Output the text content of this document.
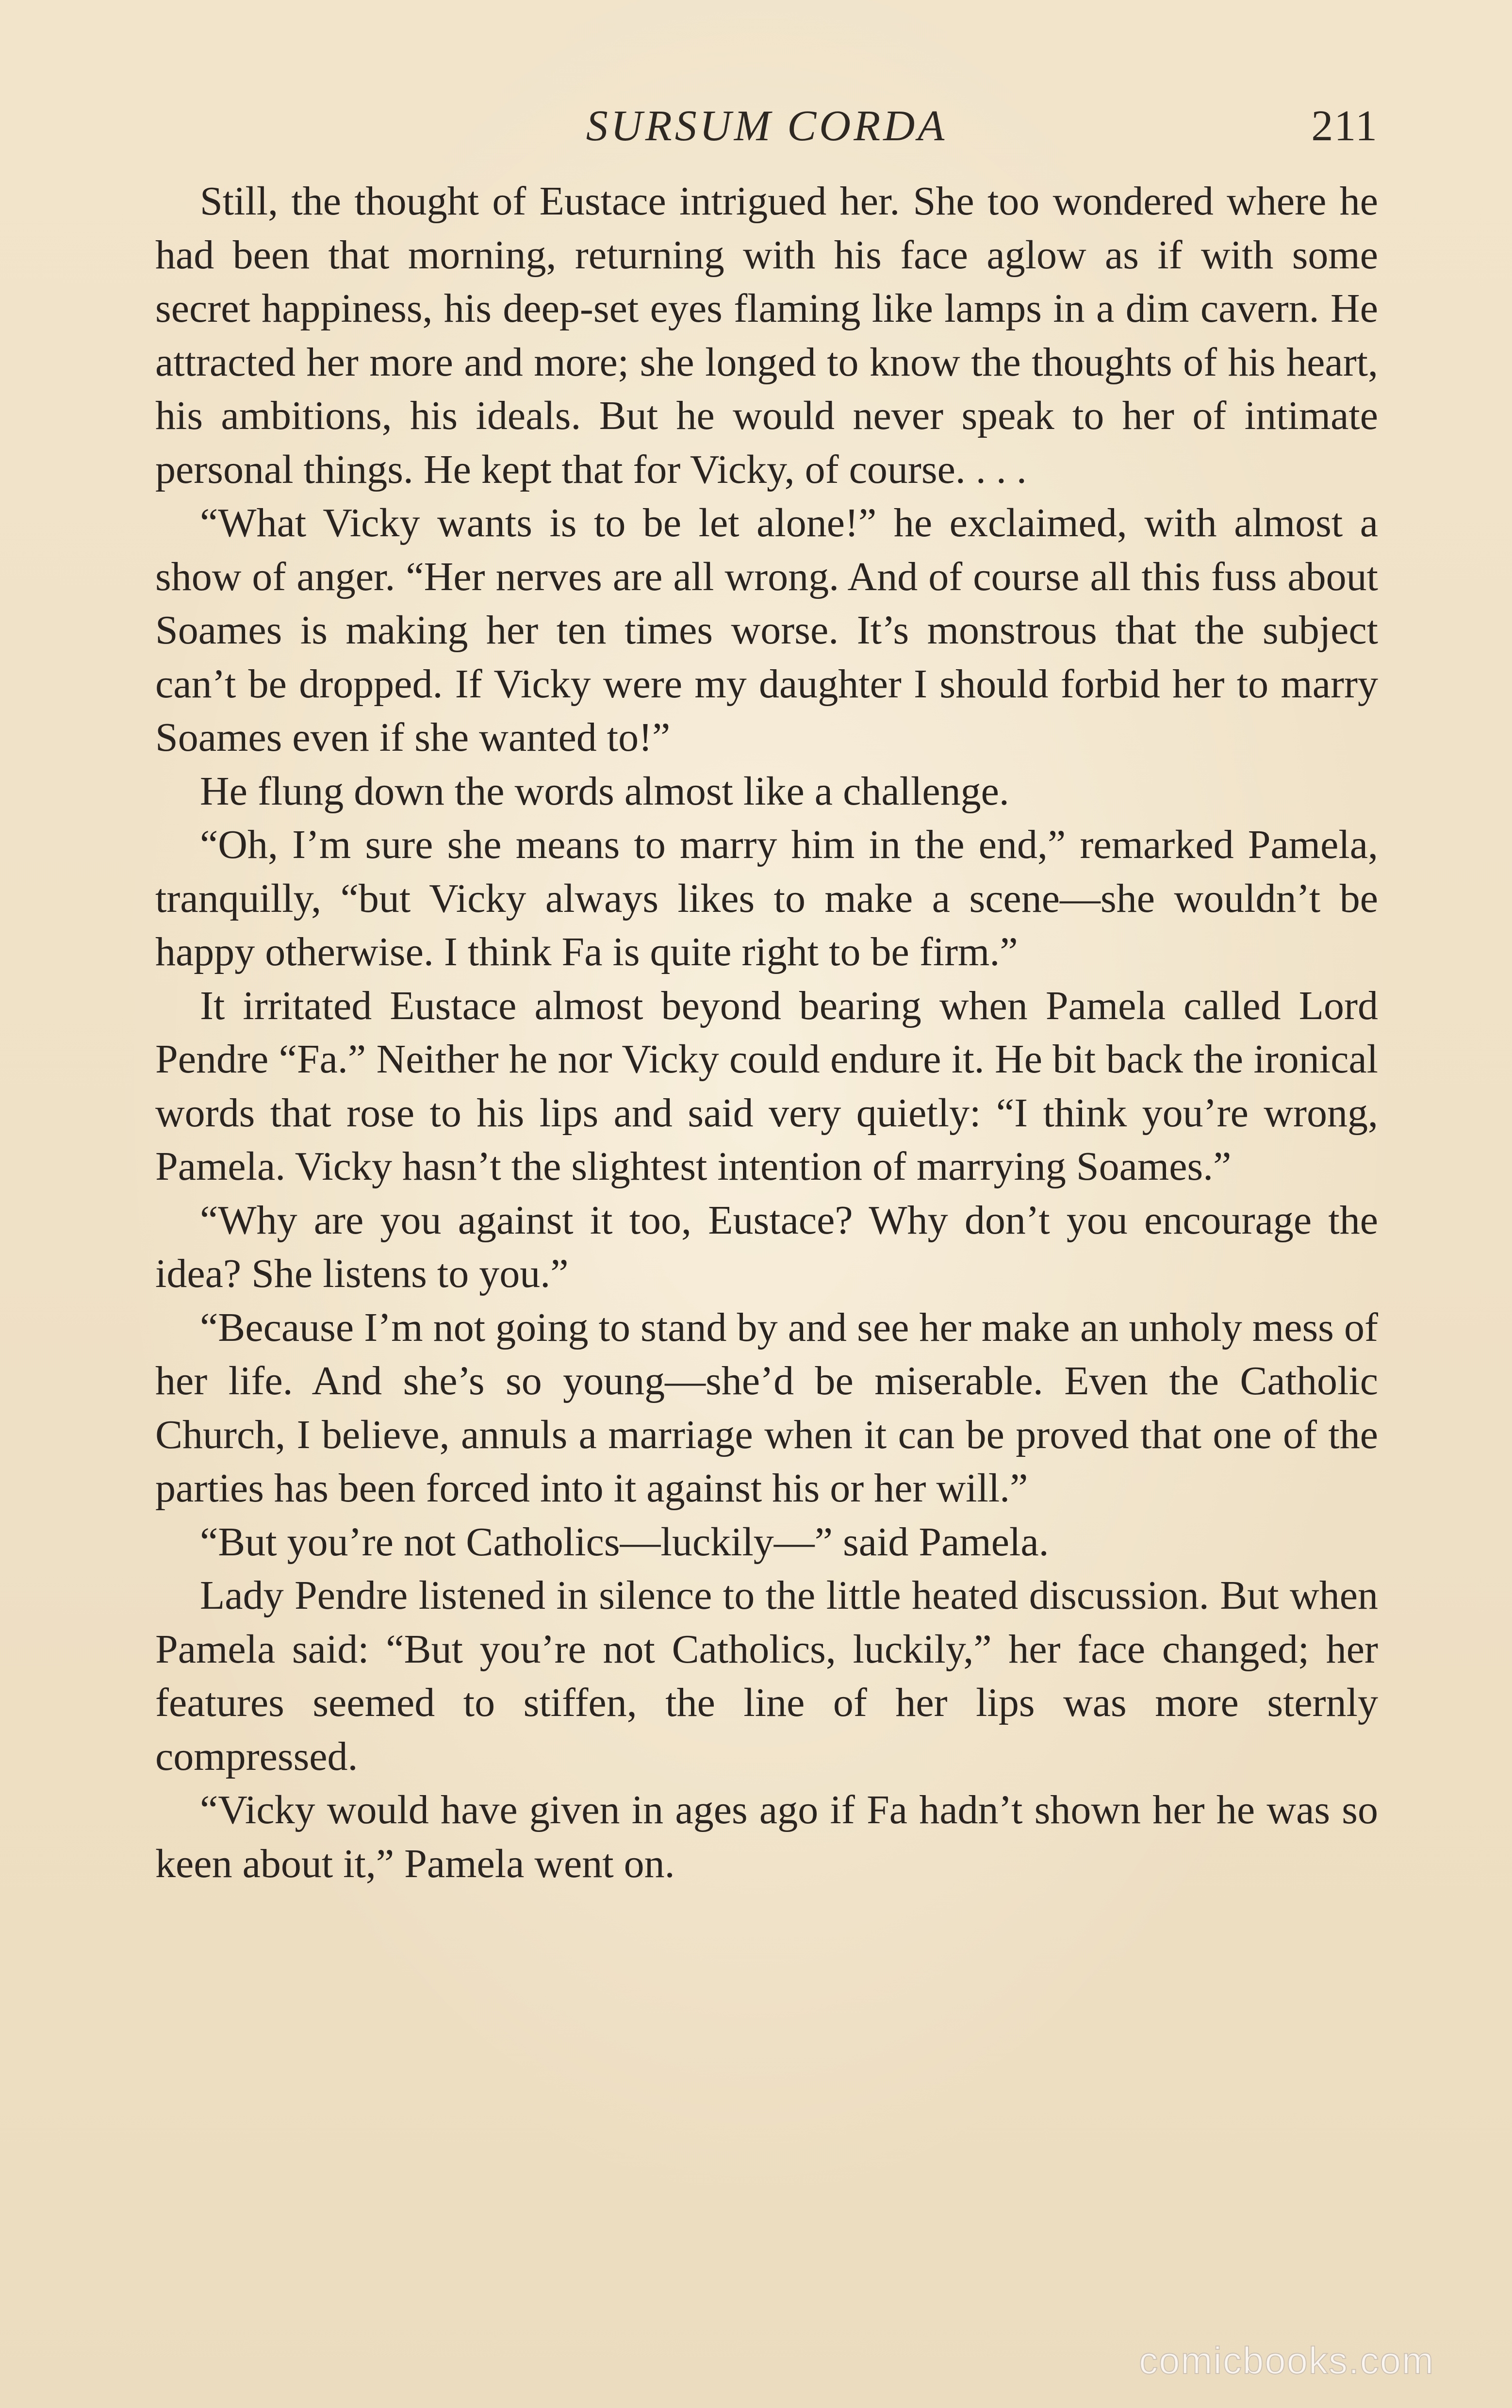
SURSUM CORDA	211

Still, the thought of Eustace intrigued her. She too wondered where he had been that morning, returning with his face aglow as if with some secret happiness, his deep-set eyes flaming like lamps in a dim cavern. He attracted her more and more; she longed to know the thoughts of his heart, his ambitions, his ideals. But he would never speak to her of intimate personal things. He kept that for Vicky, of course. . . .

“What Vicky wants is to be let alone!” he exclaimed, with almost a show of anger. “Her nerves are all wrong. And of course all this fuss about Soames is making her ten times worse. It’s monstrous that the subject can’t be dropped. If Vicky were my daughter I should forbid her to marry Soames even if she wanted to!”

He flung down the words almost like a challenge.

“Oh, I’m sure she means to marry him in the end,” remarked Pamela, tranquilly, “but Vicky always likes to make a scene—she wouldn’t be happy otherwise. I think Fa is quite right to be firm.”

It irritated Eustace almost beyond bearing when Pamela called Lord Pendre “Fa.” Neither he nor Vicky could endure it. He bit back the ironical words that rose to his lips and said very quietly: “I think you’re wrong, Pamela. Vicky hasn’t the slightest intention of marrying Soames.”

“Why are you against it too, Eustace? Why don’t you encourage the idea? She listens to you.”

“Because I’m not going to stand by and see her make an unholy mess of her life. And she’s so young—she’d be miserable. Even the Catholic Church, I believe, annuls a marriage when it can be proved that one of the parties has been forced into it against his or her will.”

“But you’re not Catholics—luckily—” said Pamela.

Lady Pendre listened in silence to the little heated discussion. But when Pamela said: “But you’re not Catholics, luckily,” her face changed; her features seemed to stiffen, the line of her lips was more sternly compressed.

“Vicky would have given in ages ago if Fa hadn’t shown her he was so keen about it,” Pamela went on.

comicbooks.com
